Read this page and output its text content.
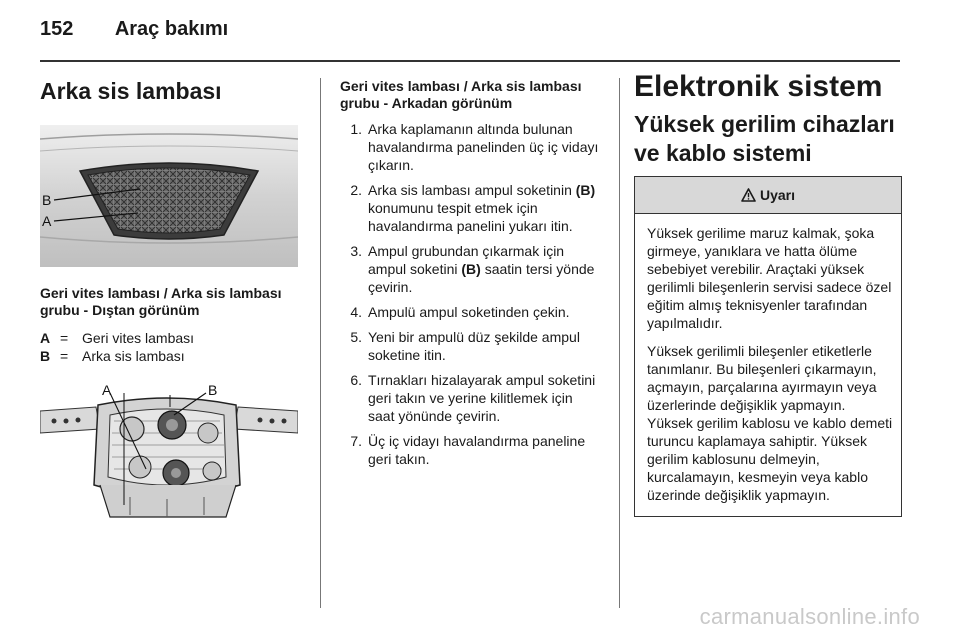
152 Araç bakımı
Arka sis lambası
B
A

Geri vites lambası / Arka sis lambası grubu - Dıştan görünüm

A = Geri vites lambası
B = Arka sis lambası
A	B

Geri vites lambası / Arka sis lambası grubu - Arkadan görünüm

1. Arka kaplamanın altında bulunan havalandırma panelinden üç iç vidayı çıkarın.
2. Arka sis lambası ampul soketinin (B) konumunu tespit etmek için havalandırma panelini yukarı itin.
3. Ampul grubundan çıkarmak için ampul soketini (B) saatin tersi yönde çevirin.
4. Ampulü ampul soketinden çekin.
5. Yeni bir ampulü düz şekilde ampul soketine itin.
6. Tırnakları hizalayarak ampul soketini geri takın ve yerine kilitlemek için saat yönünde çevirin.
7. Üç iç vidayı havalandırma paneline geri takın.
Elektronik sistem
Yüksek gerilim cihazları ve kablo sistemi
Uyarı

Yüksek gerilime maruz kalmak, şoka girmeye, yanıklara ve hatta ölüme sebebiyet verebilir. Araçtaki yüksek gerilimli bileşenlerin servisi sadece özel eğitim almış teknisyenler tarafından yapılmalıdır.

Yüksek gerilimli bileşenler etiketlerle tanımlanır. Bu bileşenleri çıkarmayın, açmayın, parçalarına ayırmayın veya üzerlerinde değişiklik yapmayın. Yüksek gerilim kablosu ve kablo demeti turuncu kaplamaya sahiptir. Yüksek gerilim kablosunu delmeyin, kurcalamayın, kesmeyin veya kablo üzerinde değişiklik yapmayın.

carmanualsonline.info
